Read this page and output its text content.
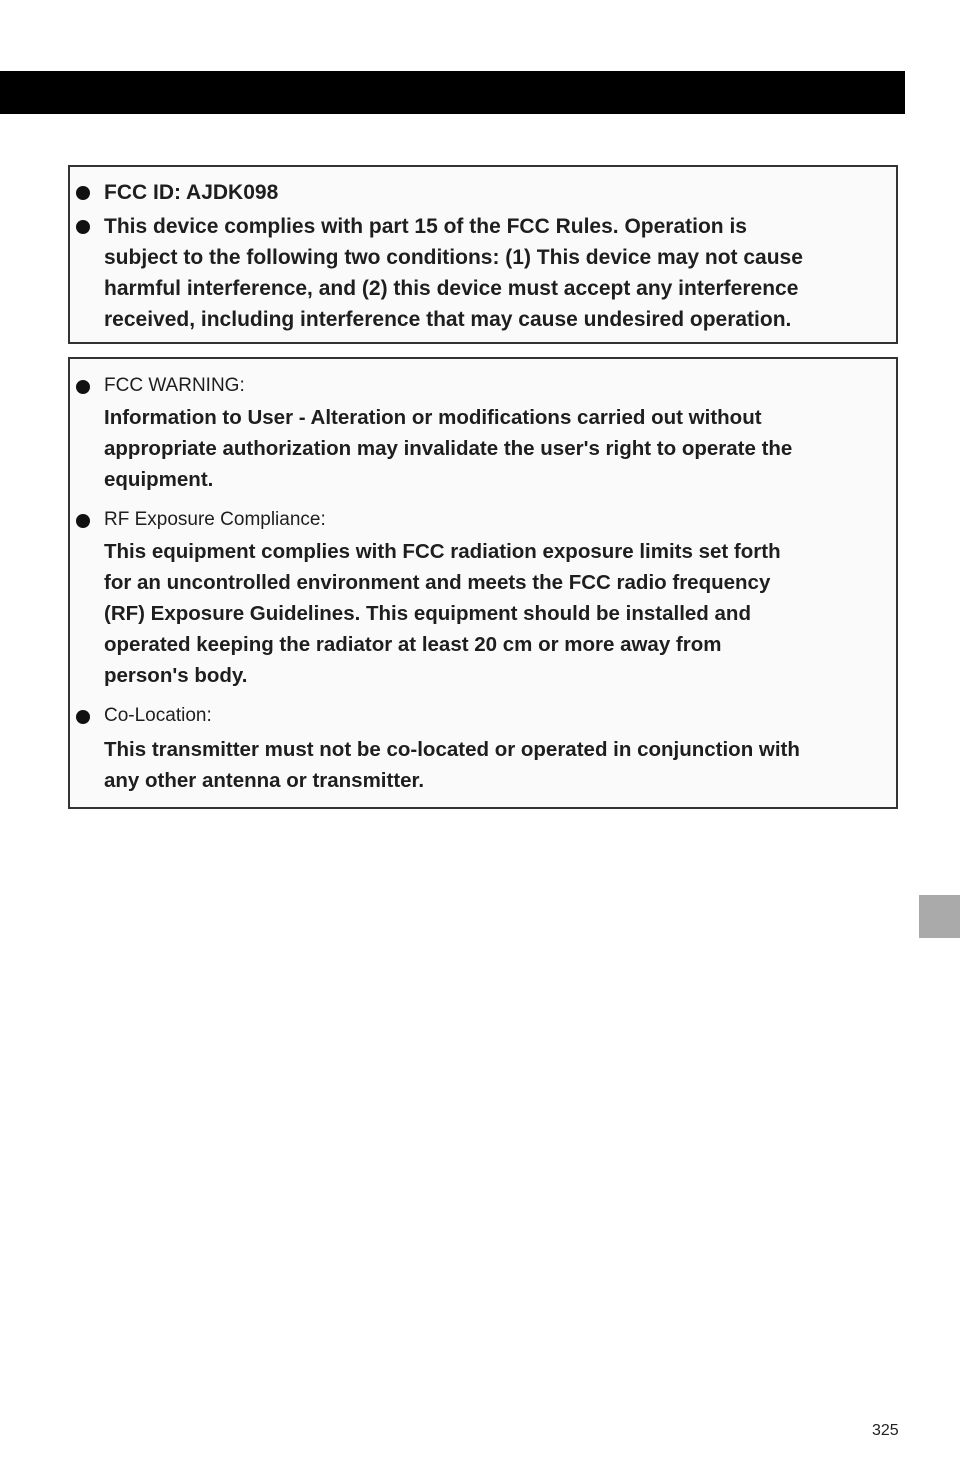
FCC ID: AJDK098
This device complies with part 15 of the FCC Rules. Operation is
subject to the following two conditions: (1) This device may not cause
harmful interference, and (2) this device must accept any interference
received, including interference that may cause undesired operation.
FCC WARNING:
Information to User - Alteration or modifications carried out without
appropriate authorization may invalidate the user's right to operate the
equipment.
RF Exposure Compliance:
This equipment complies with FCC radiation exposure limits set forth
for an uncontrolled environment and meets the FCC radio frequency
(RF) Exposure Guidelines. This equipment should be installed and
operated keeping the radiator at least 20 cm or more away from
person's body.
Co-Location:
This transmitter must not be co-located or operated in conjunction with
any other antenna or transmitter.
325
